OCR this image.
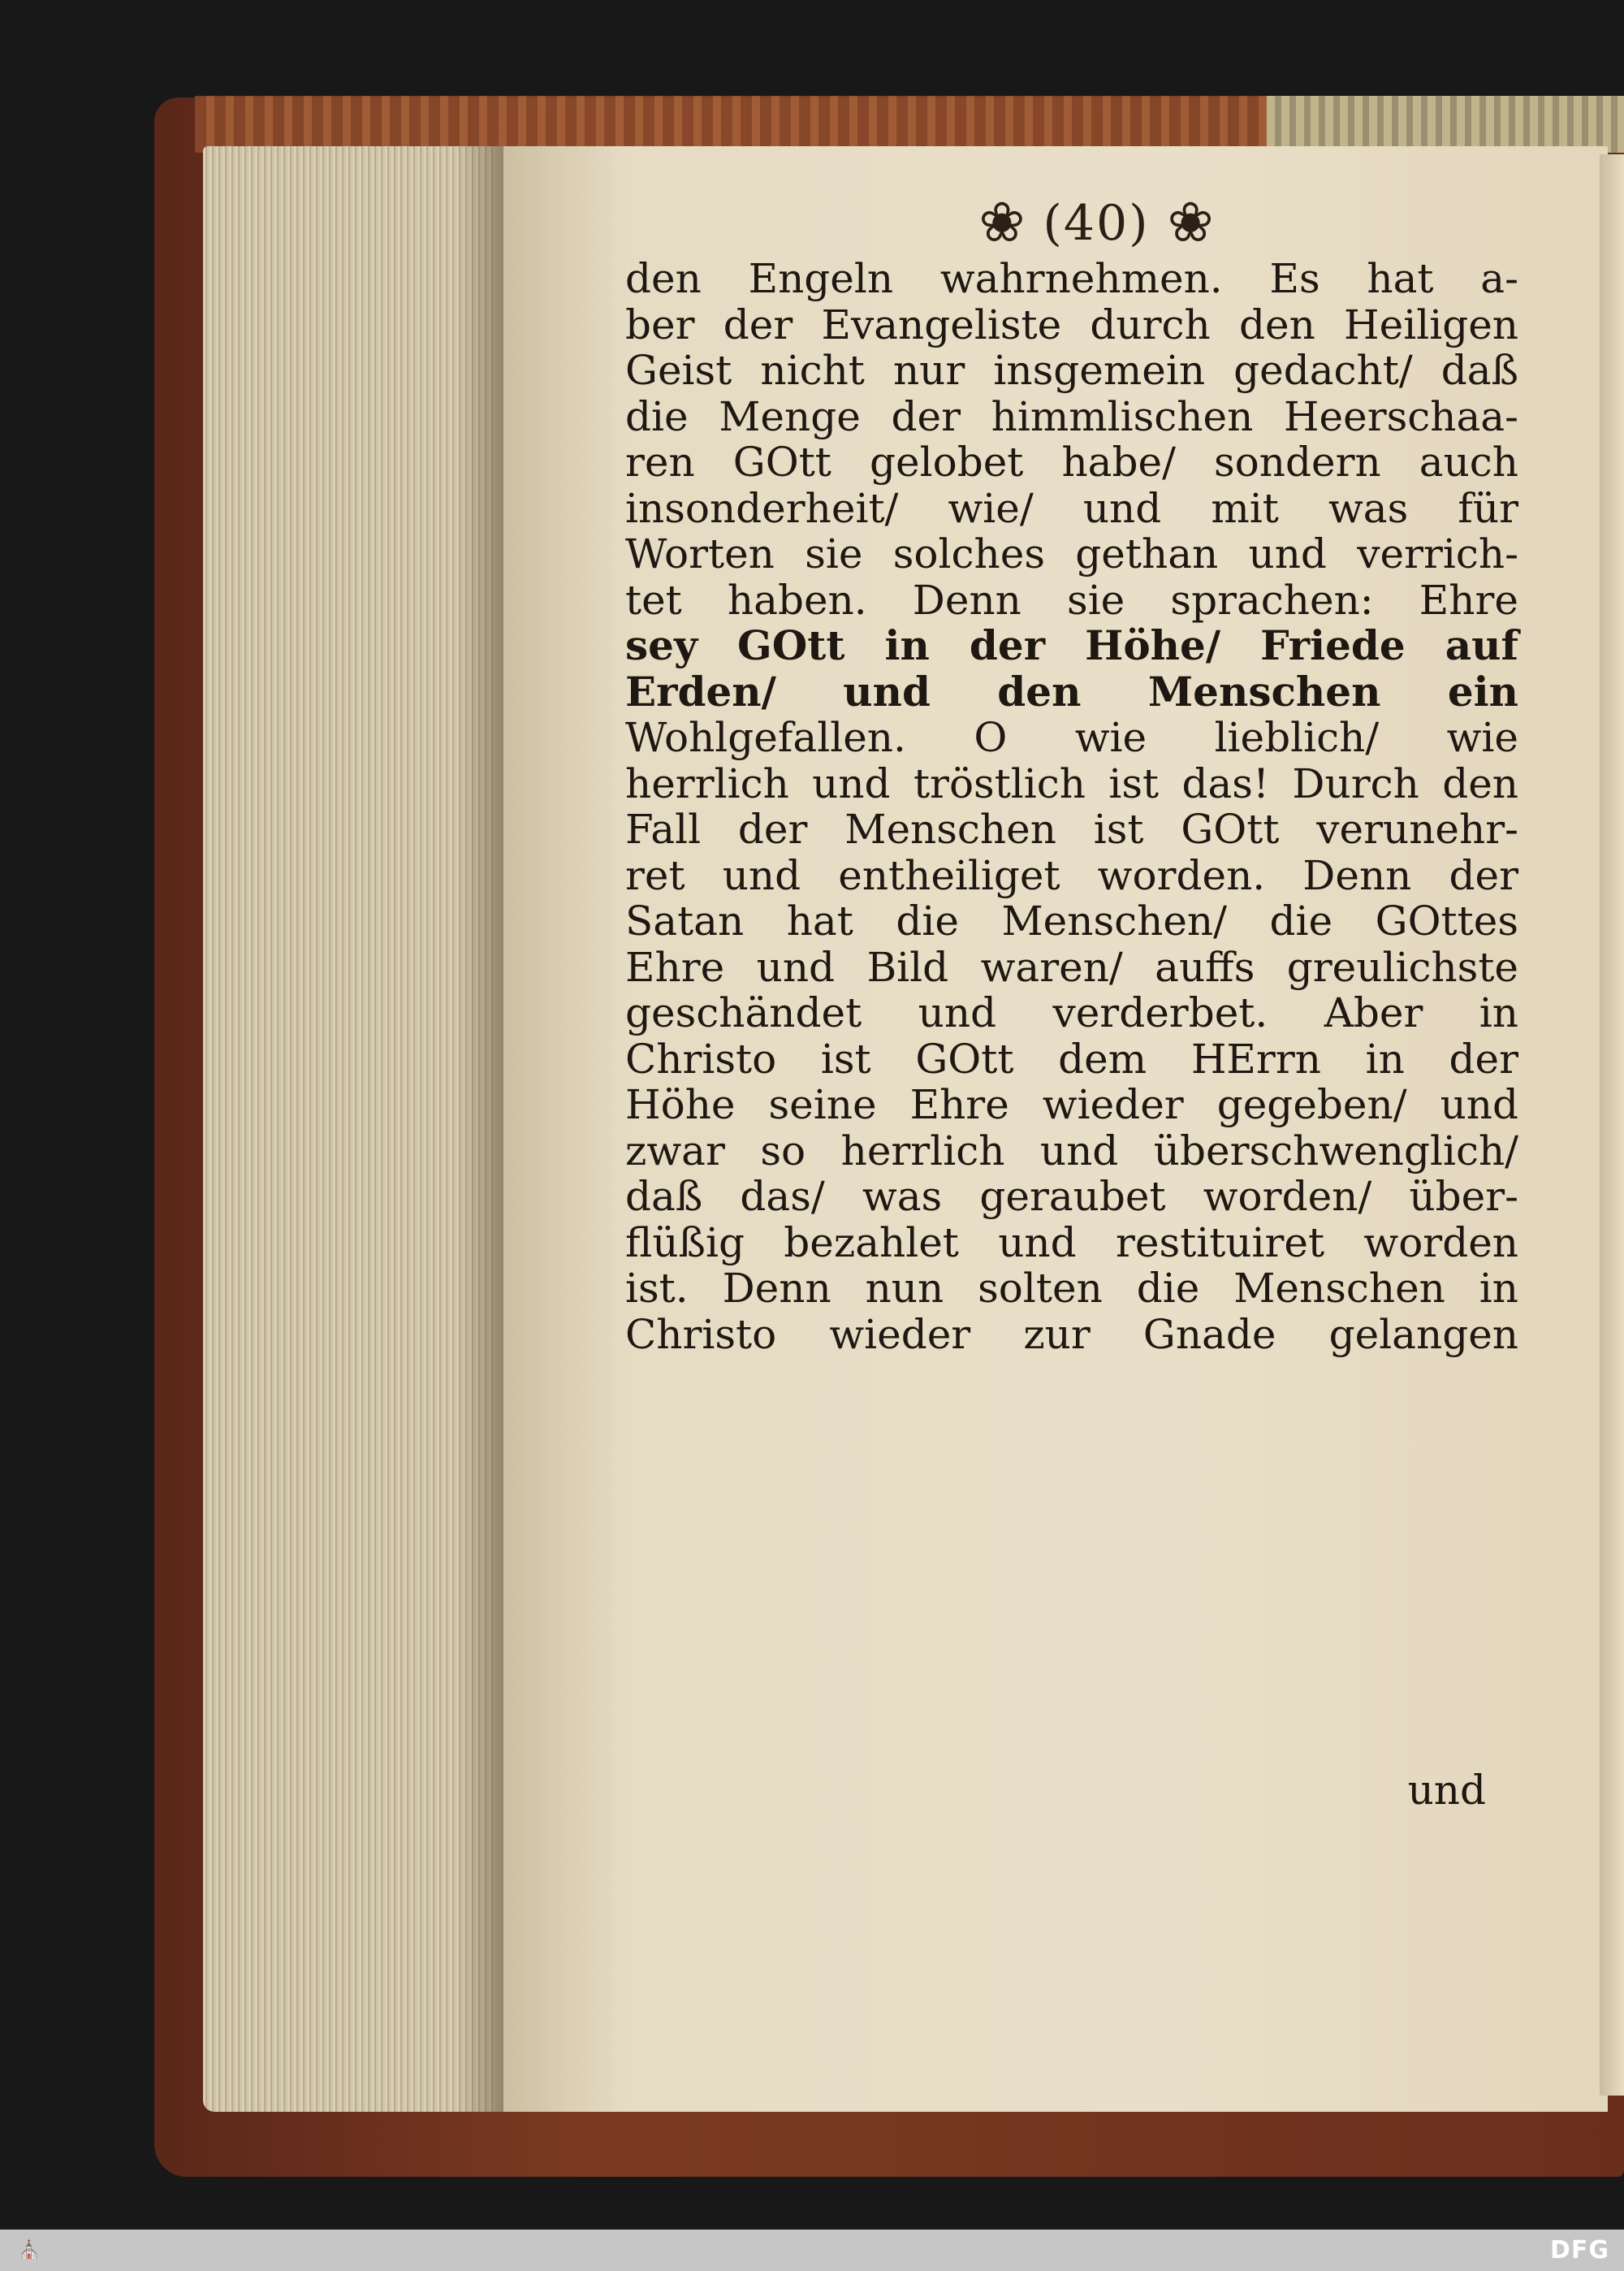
❀ (40) ❀
den Engeln wahrnehmen. Es hat a-
ber der Evangeliste durch den Heiligen
Geist nicht nur insgemein gedacht/ daß
die Menge der himmlischen Heerschaa-
ren GOtt gelobet habe/ sondern auch
insonderheit/ wie/ und mit was für
Worten sie solches gethan und verrich-
tet haben. Denn sie sprachen: Ehre
sey GOtt in der Höhe/ Friede auf
Erden/ und den Menschen ein
Wohlgefallen. O wie lieblich/ wie
herrlich und tröstlich ist das! Durch den
Fall der Menschen ist GOtt verunehr-
ret und entheiliget worden. Denn der
Satan hat die Menschen/ die GOttes
Ehre und Bild waren/ auffs greulichste
geschändet und verderbet. Aber in
Christo ist GOtt dem HErrn in der
Höhe seine Ehre wieder gegeben/ und
zwar so herrlich und überschwenglich/
daß das/ was geraubet worden/ über-
flüßig bezahlet und restituiret worden
ist. Denn nun solten die Menschen in
Christo wieder zur Gnade gelangen
und
⛪	DFG
